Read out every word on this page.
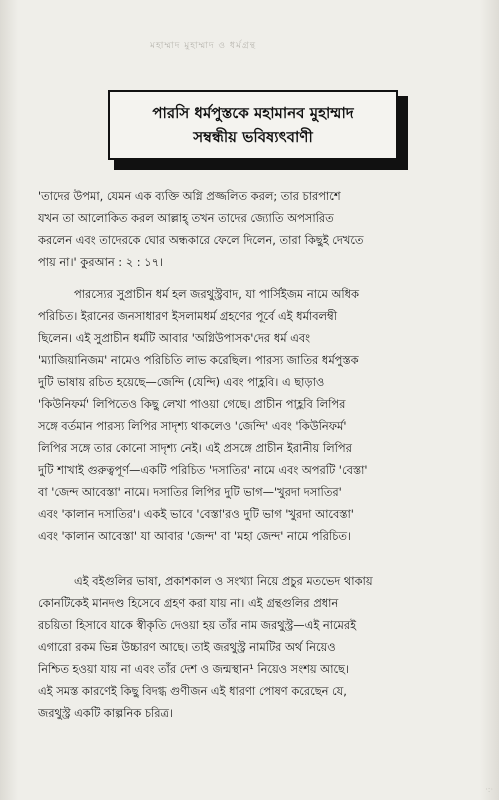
মহাম্মাদ মুহাম্মাদ ও ধর্মগ্রন্থ
পারসি ধর্মপুস্তকে মহামানব মুহাম্মাদ
সম্বন্ধীয় ভবিষ্যৎবাণী
'তাদের উপমা, যেমন এক ব্যক্তি অগ্নি প্রজ্জলিত করল; তার চারপাশে
যখন তা আলোকিত করল আল্লাহ্ তখন তাদের জ্যোতি অপসারিত
করলেন এবং তাদেরকে ঘোর অন্ধকারে ফেলে দিলেন, তারা কিছুই দেখতে
পায় না।' কুরআন : ২ : ১৭।
পারস্যের সুপ্রাচীন ধর্ম হল জরথুস্ট্রবাদ, যা পার্সিইজম নামে অধিক
পরিচিত। ইরানের জনসাধারণ ইসলামধর্ম গ্রহণের পূর্বে এই ধর্মাবলম্বী
ছিলেন। এই সুপ্রাচীন ধর্মটি আবার 'অগ্নিউপাসক'দের ধর্ম এবং
'ম্যাজিয়ানিজম' নামেও পরিচিতি লাভ করেছিল। পারস্য জাতির ধর্মপুস্তক
দুটি ভাষায় রচিত হয়েছে—জেন্দি (যেন্দি) এবং পাহ্লবি। এ ছাড়াও
'কিউনিফর্ম' লিপিতেও কিছু লেখা পাওয়া গেছে। প্রাচীন পাহ্লবি লিপির
সঙ্গে বর্তমান পারস্য লিপির সাদৃশ্য থাকলেও 'জেন্দি' এবং 'কিউনিফর্ম'
লিপির সঙ্গে তার কোনো সাদৃশ্য নেই। এই প্রসঙ্গে প্রাচীন ইরানীয় লিপির
দুটি শাখাই গুরুত্বপূর্ণ—একটি পরিচিত 'দসাতির' নামে এবং অপরটি 'বেস্তা'
বা 'জেন্দ আবেস্তা' নামে। দসাতির লিপির দুটি ভাগ—'খুরদা দসাতির'
এবং 'কালান দসাতির'। একই ভাবে 'বেস্তা'রও দুটি ভাগ 'খুরদা আবেস্তা'
এবং 'কালান আবেস্তা' যা আবার 'জেন্দ' বা 'মহা জেন্দ' নামে পরিচিত।
এই বইগুলির ভাষা, প্রকাশকাল ও সংখ্যা নিয়ে প্রচুর মতভেদ থাকায়
কোনটিকেই মানদণ্ড হিসেবে গ্রহণ করা যায় না। এই গ্রন্থগুলির প্রধান
রচয়িতা হিসাবে যাকে স্বীকৃতি দেওয়া হয় তাঁর নাম জরথুস্ট্র—এই নামেরই
এগারো রকম ভিন্ন উচ্চারণ আছে। তাই জরথুস্ট্র নামটির অর্থ নিয়েও
নিশ্চিত হওয়া যায় না এবং তাঁর দেশ ও জন্মস্থান¹ নিয়েও সংশয় আছে।
এই সমস্ত কারণেই কিছু বিদগ্ধ গুণীজন এই ধারণা পোষণ করেছেন যে,
জরথুস্ট্র একটি কাল্পনিক চরিত্র।
·:·
